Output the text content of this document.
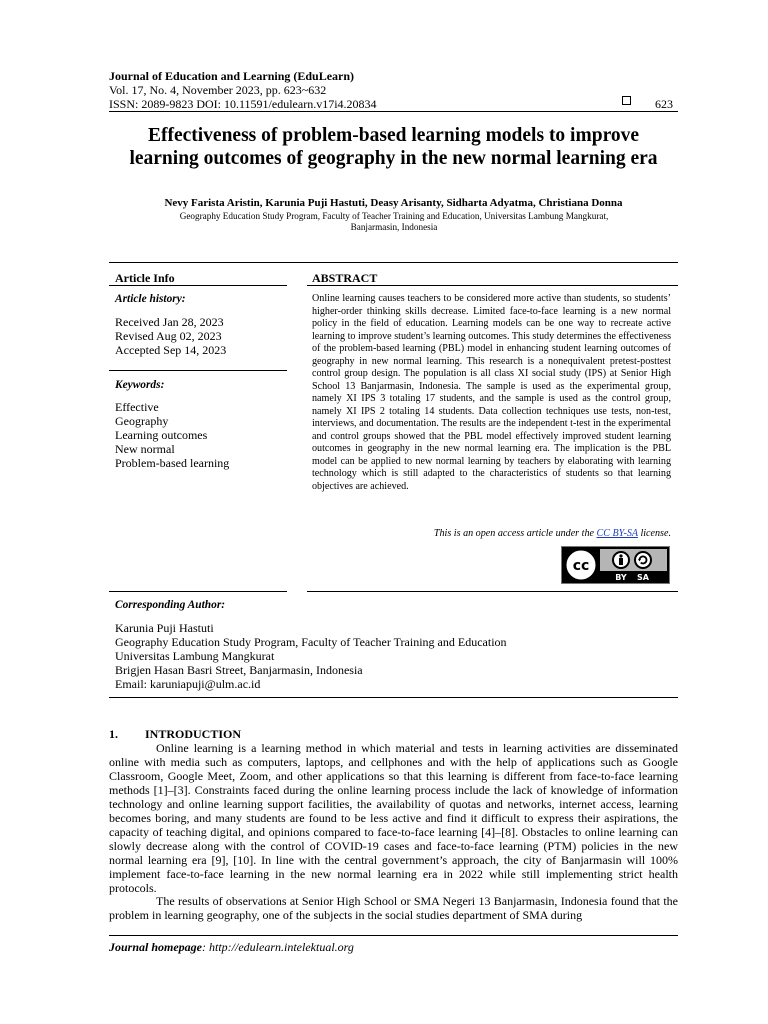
Journal of Education and Learning (EduLearn)
Vol. 17, No. 4, November 2023, pp. 623~632
ISSN: 2089-9823 DOI: 10.11591/edulearn.v17i4.20834	623
Effectiveness of problem-based learning models to improve
learning outcomes of geography in the new normal learning era
Nevy Farista Aristin, Karunia Puji Hastuti, Deasy Arisanty, Sidharta Adyatma, Christiana Donna
Geography Education Study Program, Faculty of Teacher Training and Education, Universitas Lambung Mangkurat,
Banjarmasin, Indonesia
Article Info	ABSTRACT
Article history:
Received Jan 28, 2023
Revised Aug 02, 2023
Accepted Sep 14, 2023
Keywords:
Effective
Geography
Learning outcomes
New normal
Problem-based learning
Online learning causes teachers to be considered more active than students, so students’ higher-order thinking skills decrease. Limited face-to-face learning is a new normal policy in the field of education. Learning models can be one way to recreate active learning to improve student’s learning outcomes. This study determines the effectiveness of the problem-based learning (PBL) model in enhancing student learning outcomes of geography in new normal learning. This research is a nonequivalent pretest-posttest control group design. The population is all class XI social study (IPS) at Senior High School 13 Banjarmasin, Indonesia. The sample is used as the experimental group, namely XI IPS 3 totaling 17 students, and the sample is used as the control group, namely XI IPS 2 totaling 14 students. Data collection techniques use tests, non-test, interviews, and documentation. The results are the independent t-test in the experimental and control groups showed that the PBL model effectively improved student learning outcomes in geography in the new normal learning era. The implication is the PBL model can be applied to new normal learning by teachers by elaborating with learning technology which is still adapted to the characteristics of students so that learning objectives are achieved.
This is an open access article under the CC BY-SA license.
cc
BY SA
Corresponding Author:
Karunia Puji Hastuti
Geography Education Study Program, Faculty of Teacher Training and Education
Universitas Lambung Mangkurat
Brigjen Hasan Basri Street, Banjarmasin, Indonesia
Email: karuniapuji@ulm.ac.id
1. INTRODUCTION

Online learning is a learning method in which material and tests in learning activities are disseminated online with media such as computers, laptops, and cellphones and with the help of applications such as Google Classroom, Google Meet, Zoom, and other applications so that this learning is different from face-to-face learning methods [1]–[3]. Constraints faced during the online learning process include the lack of knowledge of information technology and online learning support facilities, the availability of quotas and networks, internet access, learning becomes boring, and many students are found to be less active and find it difficult to express their aspirations, the capacity of teaching digital, and opinions compared to face-to-face learning [4]–[8]. Obstacles to online learning can slowly decrease along with the control of COVID-19 cases and face-to-face learning (PTM) policies in the new normal learning era [9], [10]. In line with the central government’s approach, the city of Banjarmasin will 100% implement face-to-face learning in the new normal learning era in 2022 while still implementing strict health protocols.

The results of observations at Senior High School or SMA Negeri 13 Banjarmasin, Indonesia found that the problem in learning geography, one of the subjects in the social studies department of SMA during

Journal homepage: http://edulearn.intelektual.org
